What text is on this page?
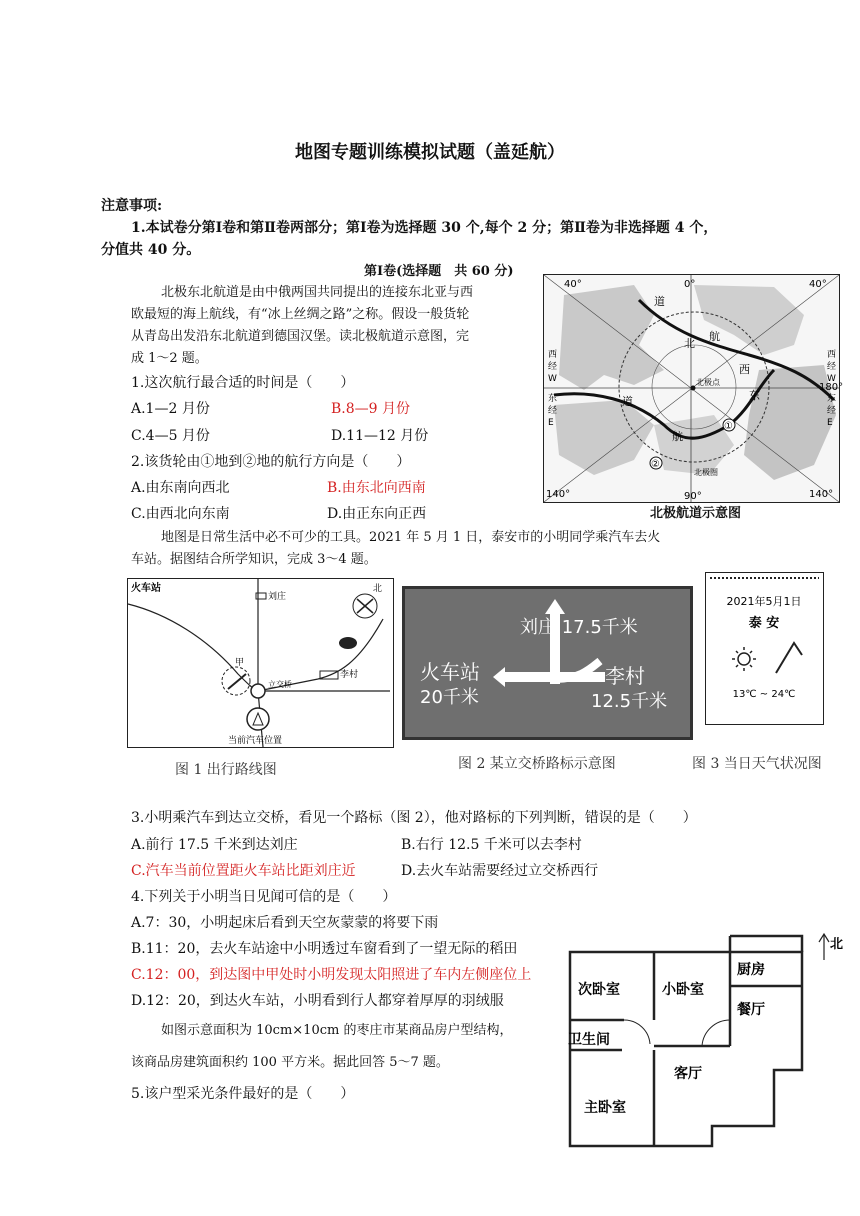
地图专题训练模拟试题（盖延航）
注意事项:
1.本试卷分第Ⅰ卷和第Ⅱ卷两部分；第Ⅰ卷为选择题 30 个,每个 2 分；第Ⅱ卷为非选择题 4 个，
分值共 40 分。
第Ⅰ卷(选择题　共 60 分)
北极东北航道是由中俄两国共同提出的连接东北亚与西
欧最短的海上航线，有“冰上丝绸之路”之称。假设一般货轮
从青岛出发沿东北航道到德国汉堡。读北极航道示意图，完
成 1～2 题。
1.这次航行最合适的时间是（　　）
A.1—2 月份	B.8—9 月份
C.4—5 月份	D.11—12 月份
2.该货轮由①地到②地的航行方向是（　　）
A.由东南向西北	B.由东北向西南
C.由西北向东南	D.由正东向正西
40°	0°	40°
140°	90°	140°
180°
西
经
W
东
经
E
西
经
W
东
经
E
道
北
航
西
道
航
东
北极点
北极圈
①
②
北极航道示意图
地图是日常生活中必不可少的工具。2021 年 5 月 1 日，泰安市的小明同学乘汽车去火
车站。据图结合所学知识，完成 3～4 题。
火车站
刘庄
北
甲
李村
立交桥
当前汽车位置
图 1 出行路线图
刘庄 17.5千米
火车站
20千米
李村
12.5千米
图 2 某立交桥路标示意图
2021年5月1日
泰 安
13℃ ~ 24℃
图 3 当日天气状况图
3.小明乘汽车到达立交桥，看见一个路标（图 2），他对路标的下列判断，错误的是（　　）
A.前行 17.5 千米到达刘庄	B.右行 12.5 千米可以去李村
C.汽车当前位置距火车站比距刘庄近	D.去火车站需要经过立交桥西行
4.下列关于小明当日见闻可信的是（　　）
A.7：30，小明起床后看到天空灰蒙蒙的将要下雨
B.11：20，去火车站途中小明透过车窗看到了一望无际的稻田
C.12：00，到达图中甲处时小明发现太阳照进了车内左侧座位上
D.12：20，到达火车站，小明看到行人都穿着厚厚的羽绒服
如图示意面积为 10cm×10cm 的枣庄市某商品房户型结构，
该商品房建筑面积约 100 平方米。据此回答 5～7 题。
5.该户型采光条件最好的是（　　）
北
次卧室	小卧室
厨房
餐厅
卫生间
客厅
主卧室
